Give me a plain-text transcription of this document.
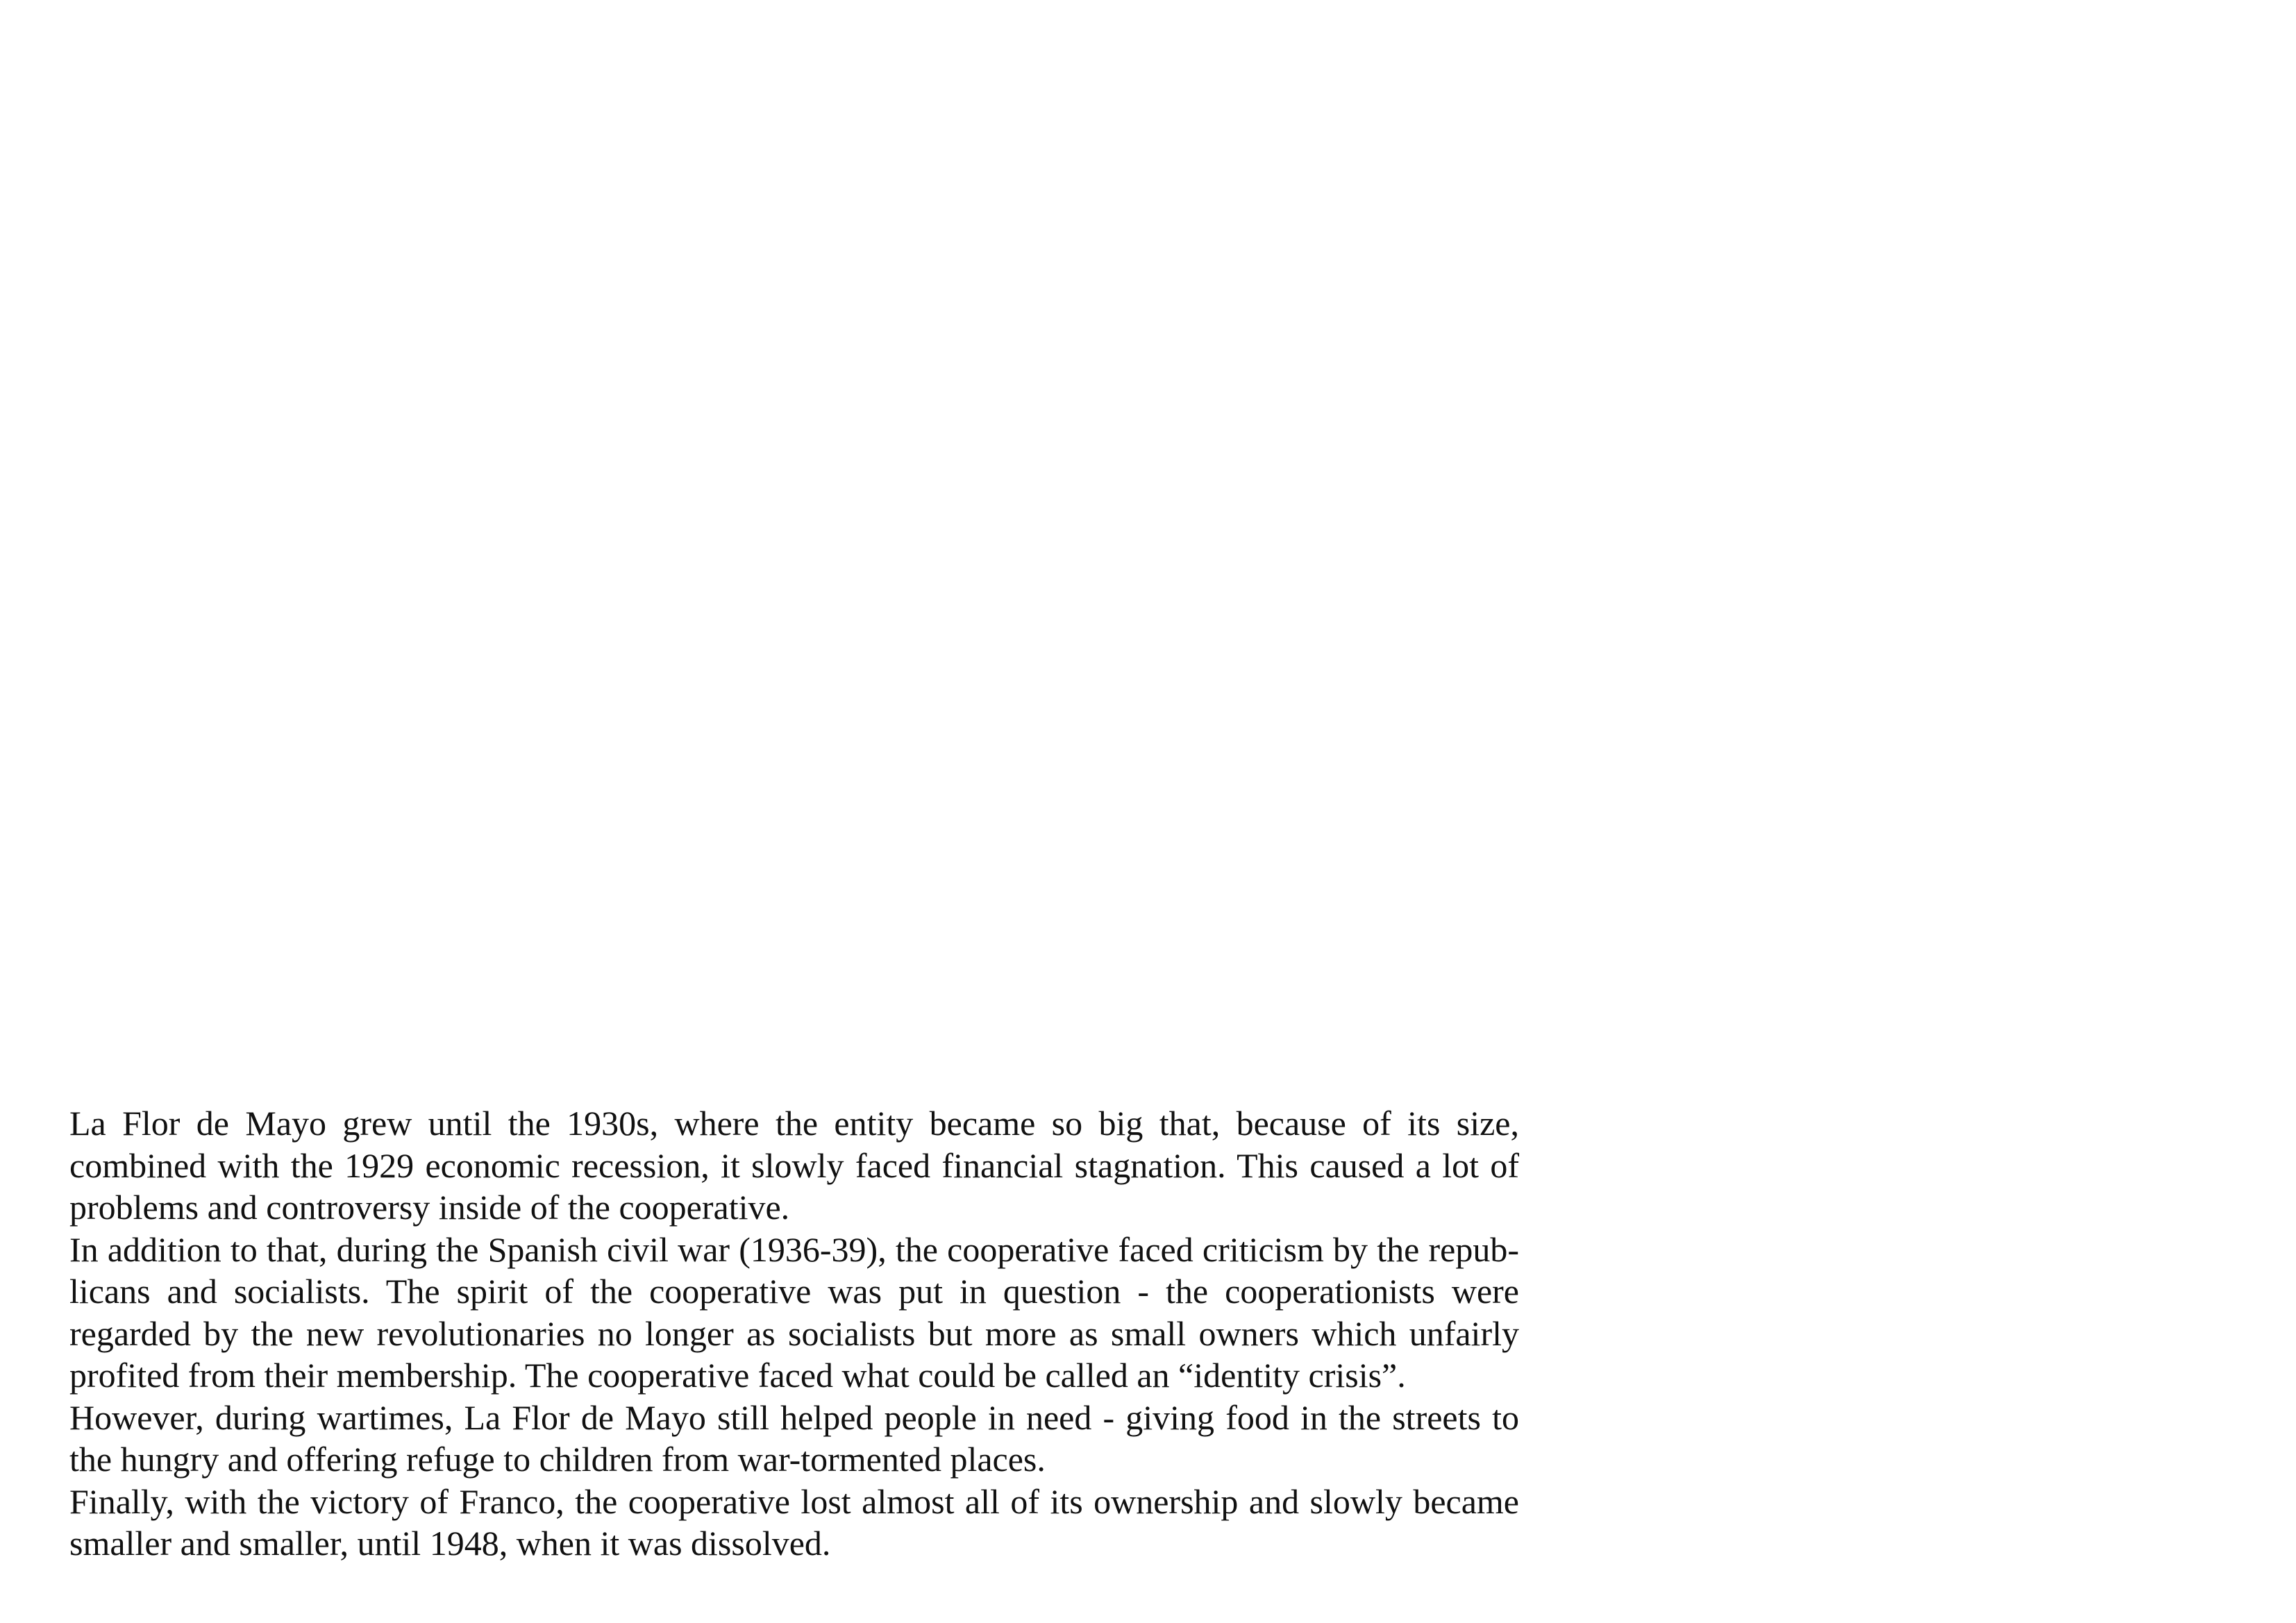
La Flor de Mayo grew until the 1930s, where the entity became so big that, because of its size, combined with the 1929 economic recession, it slowly faced financial stagnation. This caused a lot of problems and controversy inside of the cooperative.

In addition to that, during the Spanish civil war (1936-39), the cooperative faced criticism by the republicans and socialists. The spirit of the cooperative was put in question - the cooperationists were regarded by the new revolutionaries no longer as socialists but more as small owners which unfairly profited from their membership. The cooperative faced what could be called an “identity crisis”.

However, during wartimes, La Flor de Mayo still helped people in need - giving food in the streets to the hungry and offering refuge to children from war-tormented places.

Finally, with the victory of Franco, the cooperative lost almost all of its ownership and slowly became smaller and smaller, until 1948, when it was dissolved.
